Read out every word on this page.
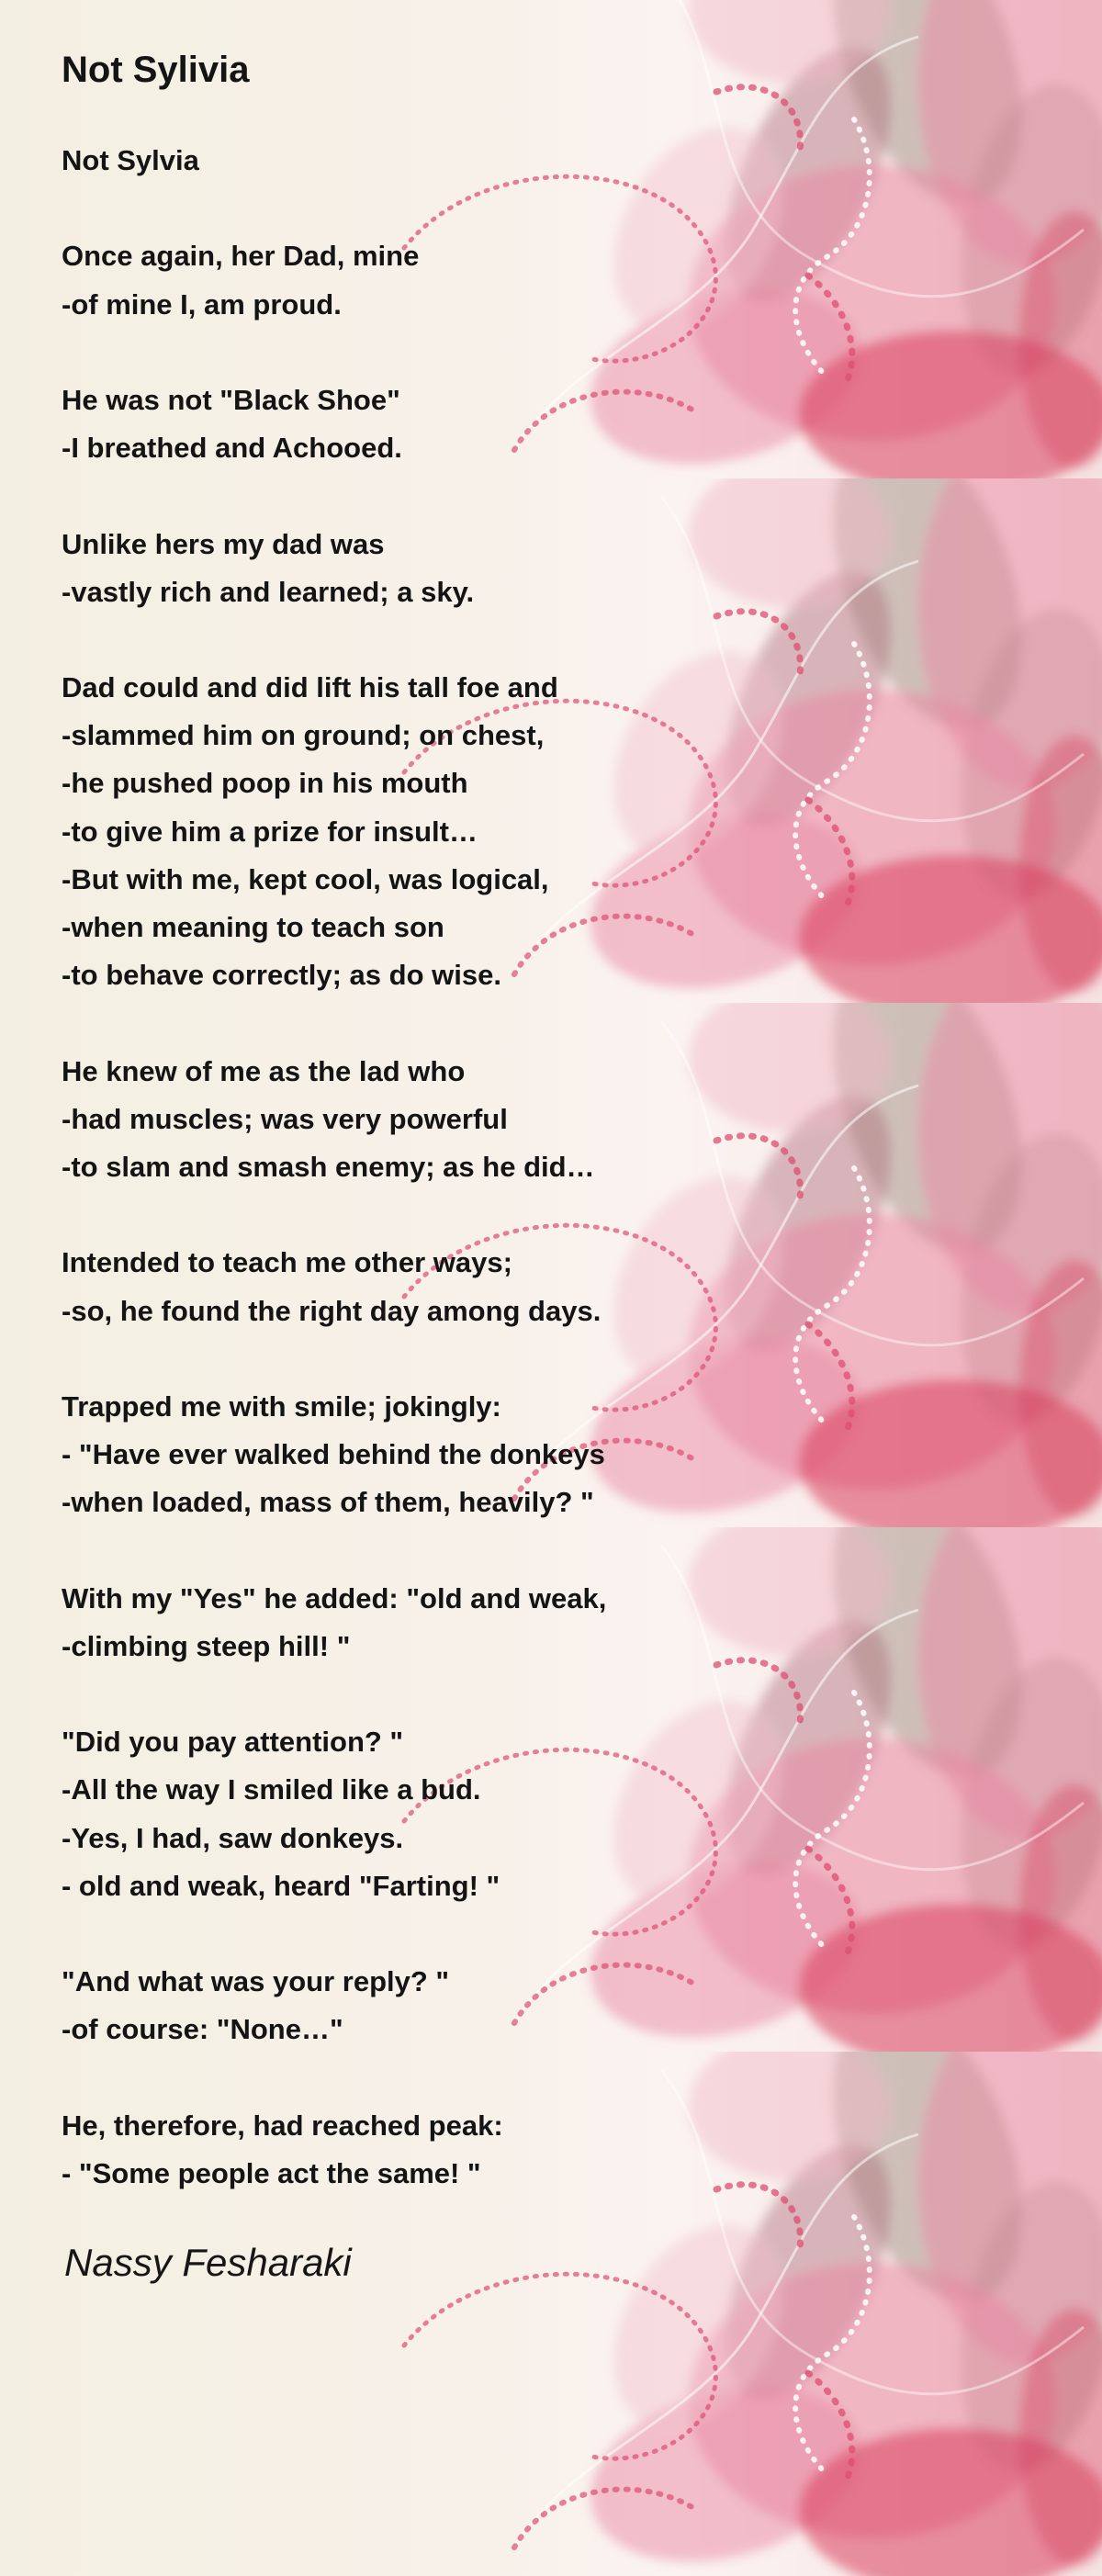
Not Sylivia
Not Sylvia
Once again, her Dad, mine
-of mine I, am proud.
He was not "Black Shoe"
-I breathed and Achooed.
Unlike hers my dad was
-vastly rich and learned; a sky.
Dad could and did lift his tall foe and
-slammed him on ground; on chest,
-he pushed poop in his mouth
-to give him a prize for insult…
-But with me, kept cool, was logical,
-when meaning to teach son
-to behave correctly; as do wise.
He knew of me as the lad who
-had muscles; was very powerful
-to slam and smash enemy; as he did…
Intended to teach me other ways;
-so, he found the right day among days.
Trapped me with smile; jokingly:
- "Have ever walked behind the donkeys
-when loaded, mass of them, heavily? "
With my "Yes" he added: "old and weak,
-climbing steep hill! "
"Did you pay attention? "
-All the way I smiled like a bud.
-Yes, I had, saw donkeys.
- old and weak, heard "Farting! "
"And what was your reply? "
-of course: "None…"
He, therefore, had reached peak:
- "Some people act the same! "
Nassy Fesharaki
